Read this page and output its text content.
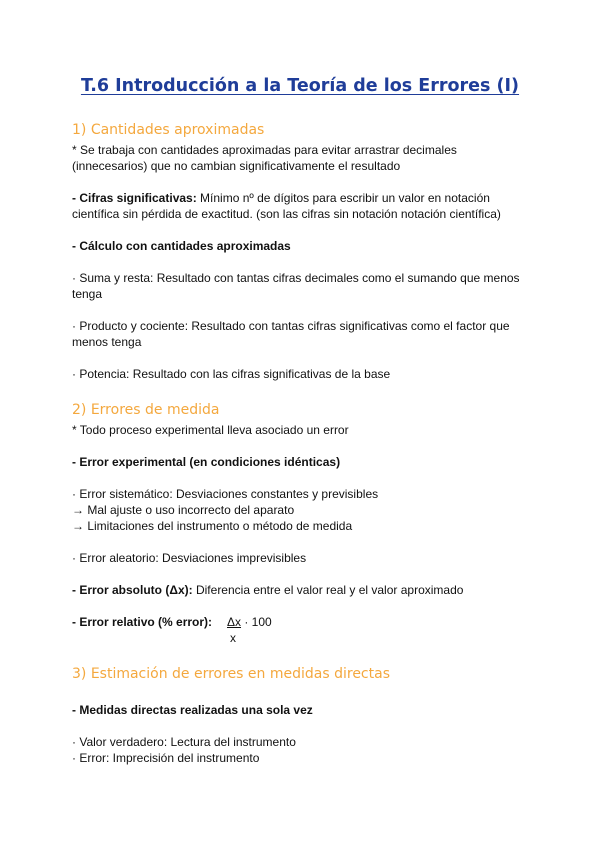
T.6 Introducción a la Teoría de los Errores (I)
1) Cantidades aproximadas

* Se trabaja con cantidades aproximadas para evitar arrastrar decimales

(innecesarios) que no cambian significativamente el resultado

- Cifras significativas: Mínimo nº de dígitos para escribir un valor en notación

científica sin pérdida de exactitud. (son las cifras sin notación notación científica)

- Cálculo con cantidades aproximadas

· Suma y resta: Resultado con tantas cifras decimales como el sumando que menos

tenga

· Producto y cociente: Resultado con tantas cifras significativas como el factor que

menos tenga

· Potencia: Resultado con las cifras significativas de la base

2) Errores de medida

* Todo proceso experimental lleva asociado un error

- Error experimental (en condiciones idénticas)

· Error sistemático: Desviaciones constantes y previsibles

→ Mal ajuste o uso incorrecto del aparato

→ Limitaciones del instrumento o método de medida

· Error aleatorio: Desviaciones imprevisibles

- Error absoluto (Δx): Diferencia entre el valor real y el valor aproximado

- Error relativo (% error): Δx · 100
x
3) Estimación de errores en medidas directas

- Medidas directas realizadas una sola vez

· Valor verdadero: Lectura del instrumento

· Error: Imprecisión del instrumento
